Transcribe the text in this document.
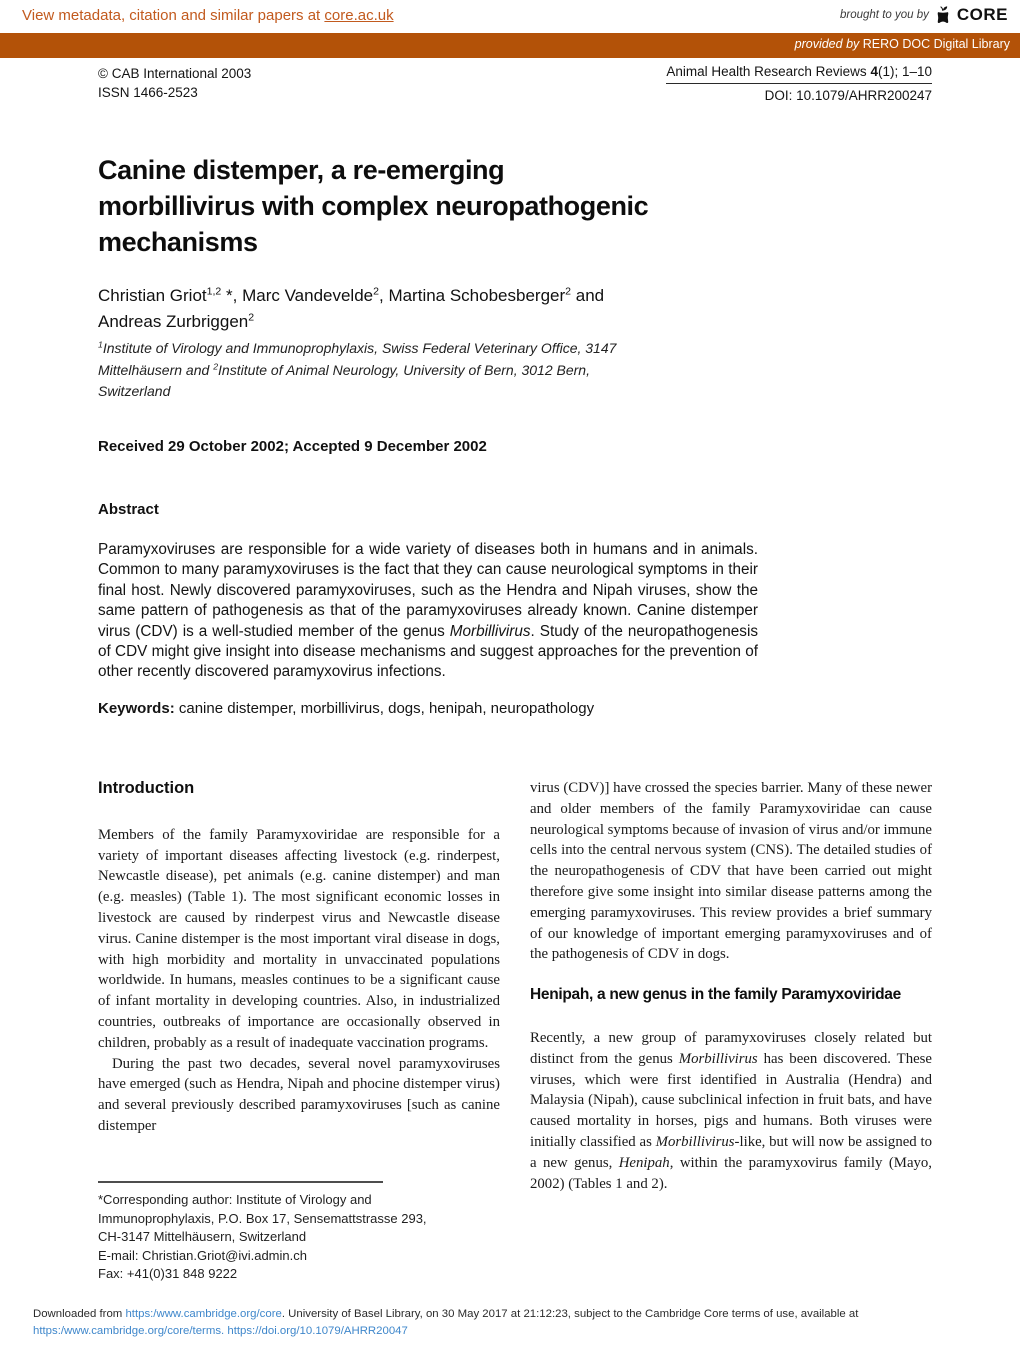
View metadata, citation and similar papers at core.ac.uk	brought to you by CORE
provided by RERO DOC Digital Library
© CAB International 2003
ISSN 1466-2523
Animal Health Research Reviews 4(1); 1–10
DOI: 10.1079/AHRR200247
Canine distemper, a re-emerging
morbillivirus with complex neuropathogenic
mechanisms
Christian Griot$^{1,2}$ *, Marc Vandevelde$^2$, Martina Schobesberger$^2$ and
Andreas Zurbriggen$^2$
$^1$Institute of Virology and Immunoprophylaxis, Swiss Federal Veterinary Office, 3147
Mittelhäusern and $^2$Institute of Animal Neurology, University of Bern, 3012 Bern,
Switzerland
Received 29 October 2002; Accepted 9 December 2002
Abstract

Paramyxoviruses are responsible for a wide variety of diseases both in humans and in animals. Common to many paramyxoviruses is the fact that they can cause neurological symptoms in their final host. Newly discovered paramyxoviruses, such as the Hendra and Nipah viruses, show the same pattern of pathogenesis as that of the paramyxoviruses already known. Canine distemper virus (CDV) is a well-studied member of the genus Morbillivirus. Study of the neuropathogenesis of CDV might give insight into disease mechanisms and suggest approaches for the prevention of other recently discovered paramyxovirus infections.

Keywords: canine distemper, morbillivirus, dogs, henipah, neuropathology
Introduction

Members of the family Paramyxoviridae are responsible for a variety of important diseases affecting livestock (e.g. rinderpest, Newcastle disease), pet animals (e.g. canine distemper) and man (e.g. measles) (Table 1). The most significant economic losses in livestock are caused by rinderpest virus and Newcastle disease virus. Canine distemper is the most important viral disease in dogs, with high morbidity and mortality in unvaccinated populations worldwide. In humans, measles continues to be a significant cause of infant mortality in developing countries. Also, in industrialized countries, outbreaks of importance are occasionally observed in children, probably as a result of inadequate vaccination programs.

During the past two decades, several novel paramyxoviruses have emerged (such as Hendra, Nipah and phocine distemper virus) and several previously described paramyxoviruses [such as canine distemper

virus (CDV)] have crossed the species barrier. Many of these newer and older members of the family Paramyxoviridae can cause neurological symptoms because of invasion of virus and/or immune cells into the central nervous system (CNS). The detailed studies of the neuropathogenesis of CDV that have been carried out might therefore give some insight into similar disease patterns among the emerging paramyxoviruses. This review provides a brief summary of our knowledge of important emerging paramyxoviruses and of the pathogenesis of CDV in dogs.

Henipah, a new genus in the family Paramyxoviridae

Recently, a new group of paramyxoviruses closely related but distinct from the genus Morbillivirus has been discovered. These viruses, which were first identified in Australia (Hendra) and Malaysia (Nipah), cause subclinical infection in fruit bats, and have caused mortality in horses, pigs and humans. Both viruses were initially classified as Morbillivirus-like, but will now be assigned to a new genus, Henipah, within the paramyxovirus family (Mayo, 2002) (Tables 1 and 2).

*Corresponding author: Institute of Virology and
Immunoprophylaxis, P.O. Box 17, Sensemattstrasse 293,
CH-3147 Mittelhäusern, Switzerland
E-mail: Christian.Griot@ivi.admin.ch
Fax: +41(0)31 848 9222
Downloaded from https:/www.cambridge.org/core. University of Basel Library, on 30 May 2017 at 21:12:23, subject to the Cambridge Core terms of use, available at
https:/www.cambridge.org/core/terms. https://doi.org/10.1079/AHRR20047
